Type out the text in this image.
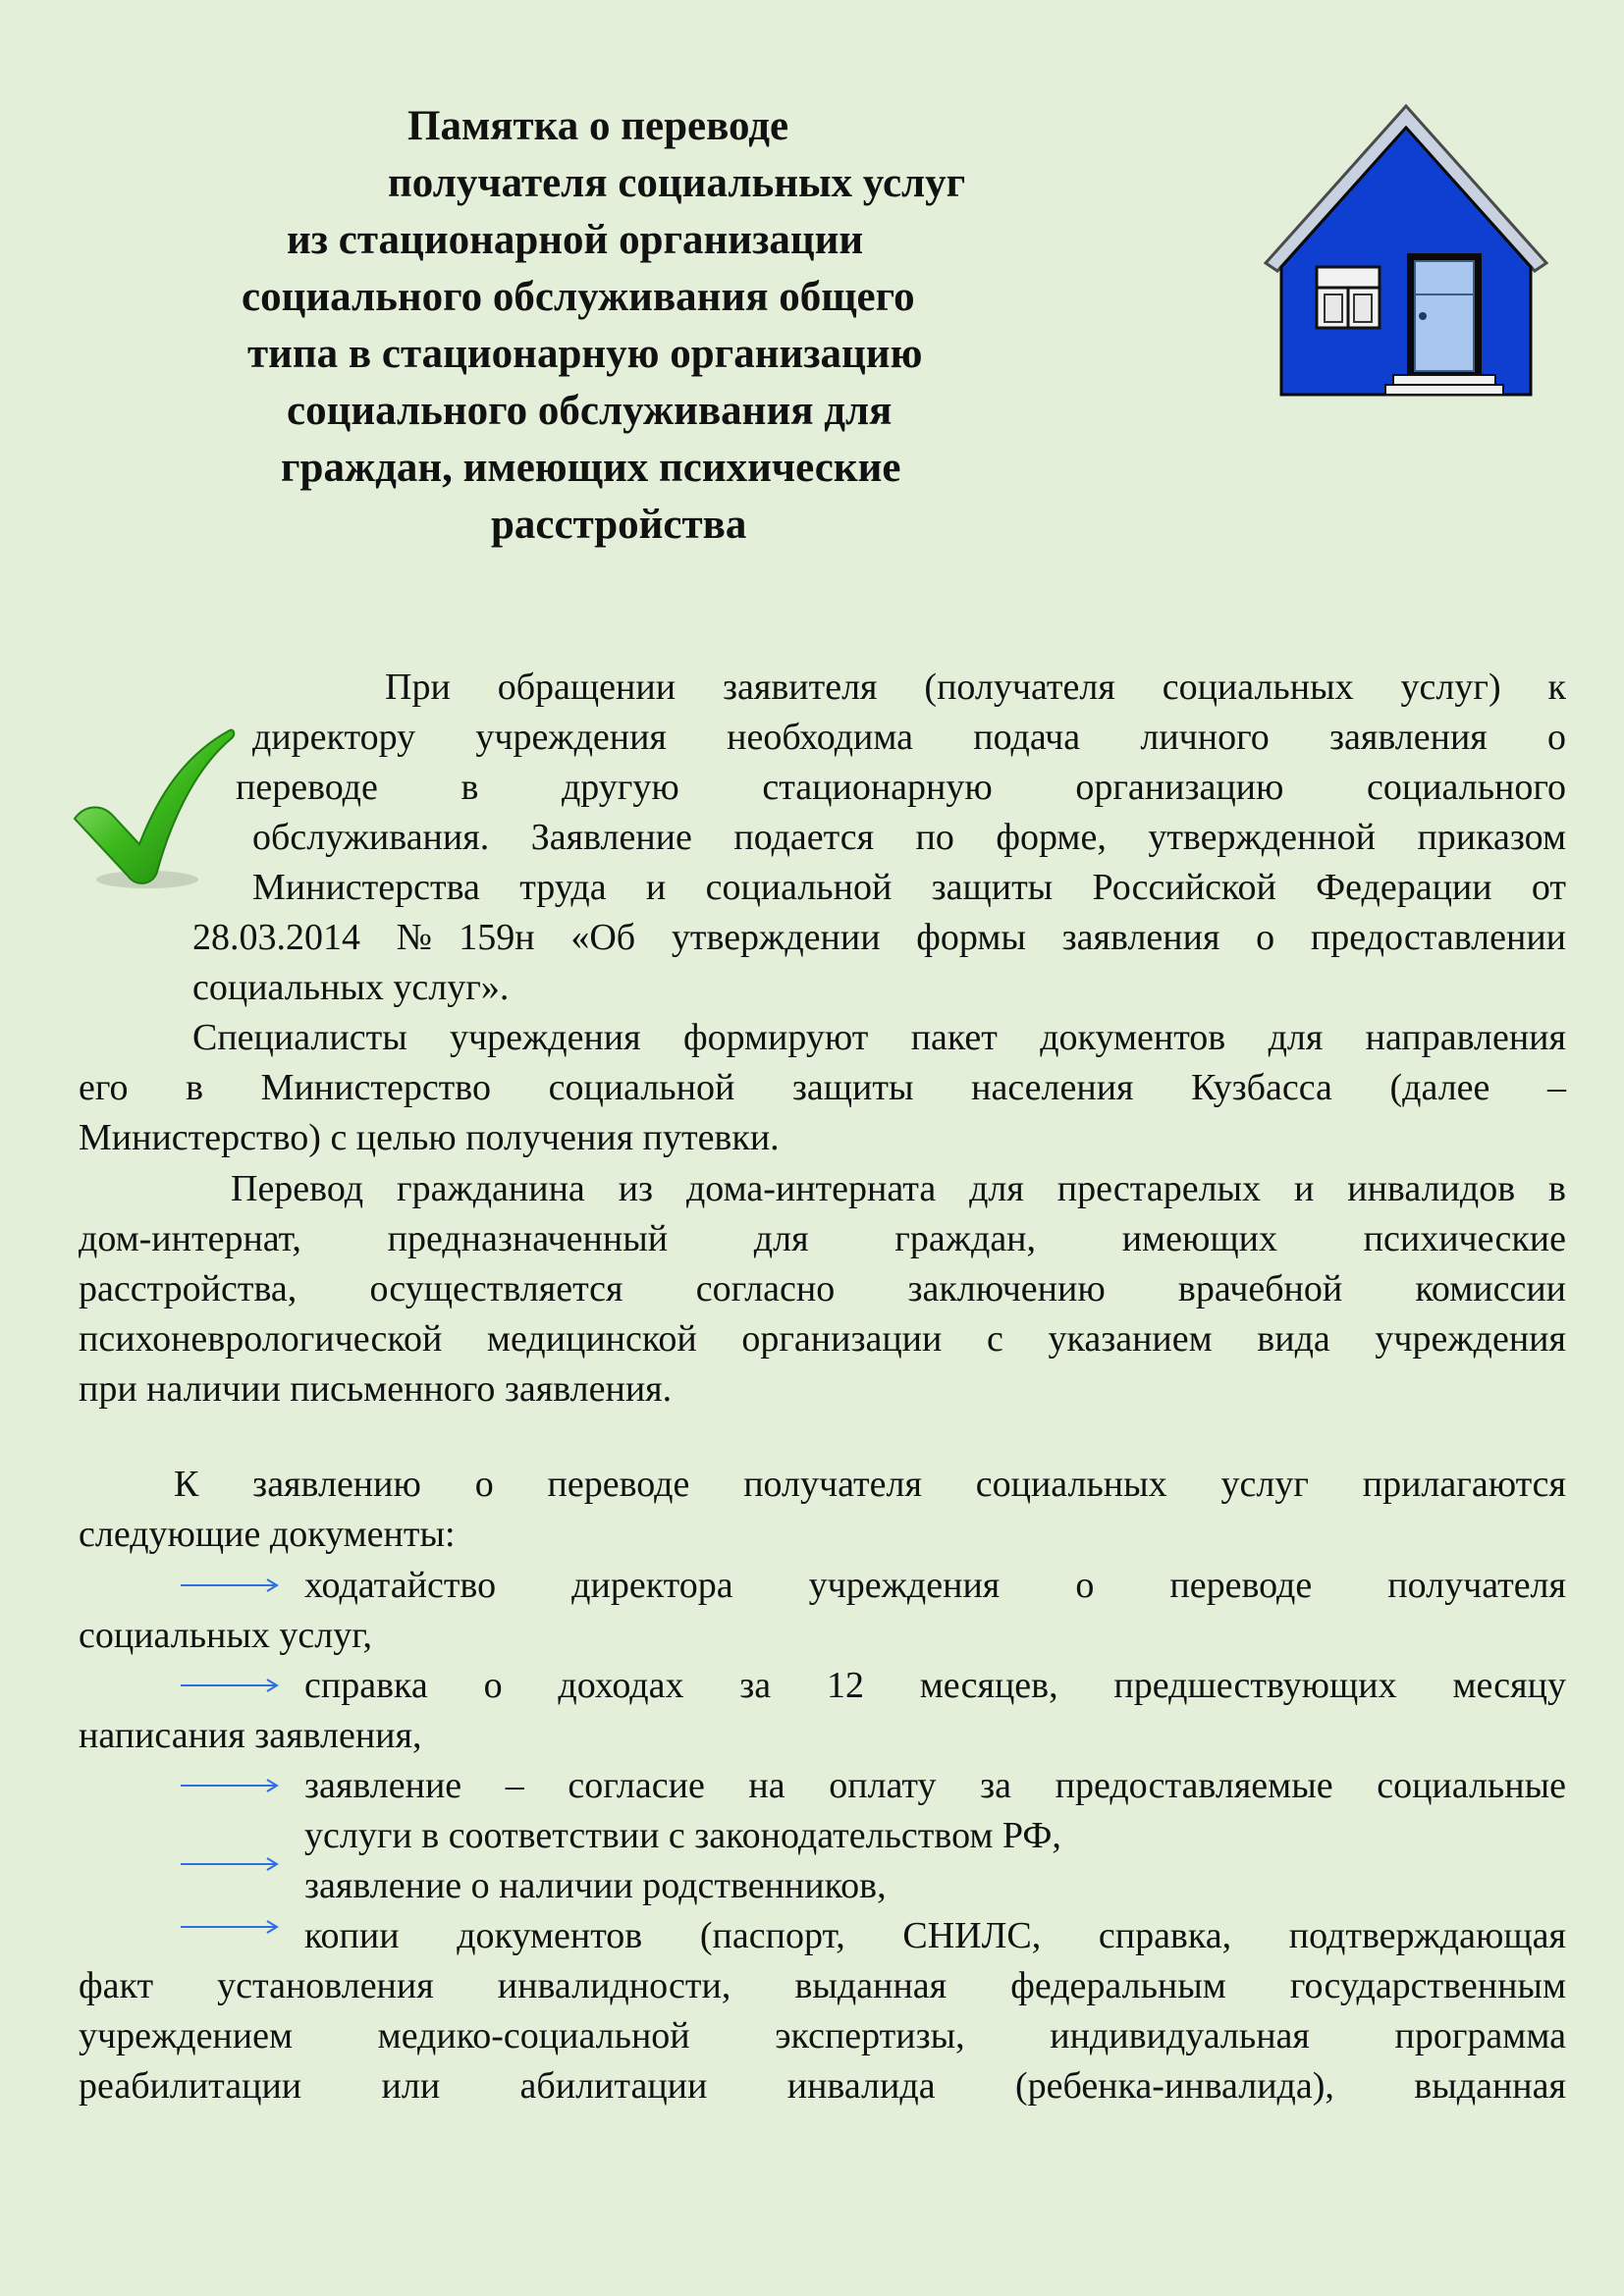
Памятка о переводе
получателя социальных услуг
из стационарной организации
социального обслуживания общего
типа в стационарную организацию
социального обслуживания для
граждан, имеющих психические
расстройства
При обращении заявителя (получателя социальных услуг) к
директору учреждения необходима подача личного заявления о
переводе в другую стационарную организацию социального
обслуживания. Заявление подается по форме, утвержденной приказом
Министерства труда и социальной защиты Российской Федерации от
28.03.2014 №159н «Об утверждении формы заявления о предоставлении
социальных услуг».
Специалисты учреждения формируют пакет документов для направления
его в Министерство социальной защиты населения Кузбасса (далее –
Министерство) с целью получения путевки.
Перевод гражданина из дома-интерната для престарелых и инвалидов в
дом-интернат, предназначенный для граждан, имеющих психические
расстройства, осуществляется согласно заключению врачебной комиссии
психоневрологической медицинской организации с указанием вида учреждения
при наличии письменного заявления.
К заявлению о переводе получателя социальных услуг прилагаются
следующие документы:
ходатайство директора учреждения о переводе получателя
социальных услуг,
справка о доходах за 12 месяцев, предшествующих месяцу
написания заявления,
заявление – согласие на оплату за предоставляемые социальные
услуги в соответствии с законодательством РФ,
заявление о наличии родственников,
копии документов (паспорт, СНИЛС, справка, подтверждающая
факт установления инвалидности, выданная федеральным государственным
учреждением медико-социальной экспертизы, индивидуальная программа
реабилитации или абилитации инвалида (ребенка-инвалида), выданная
